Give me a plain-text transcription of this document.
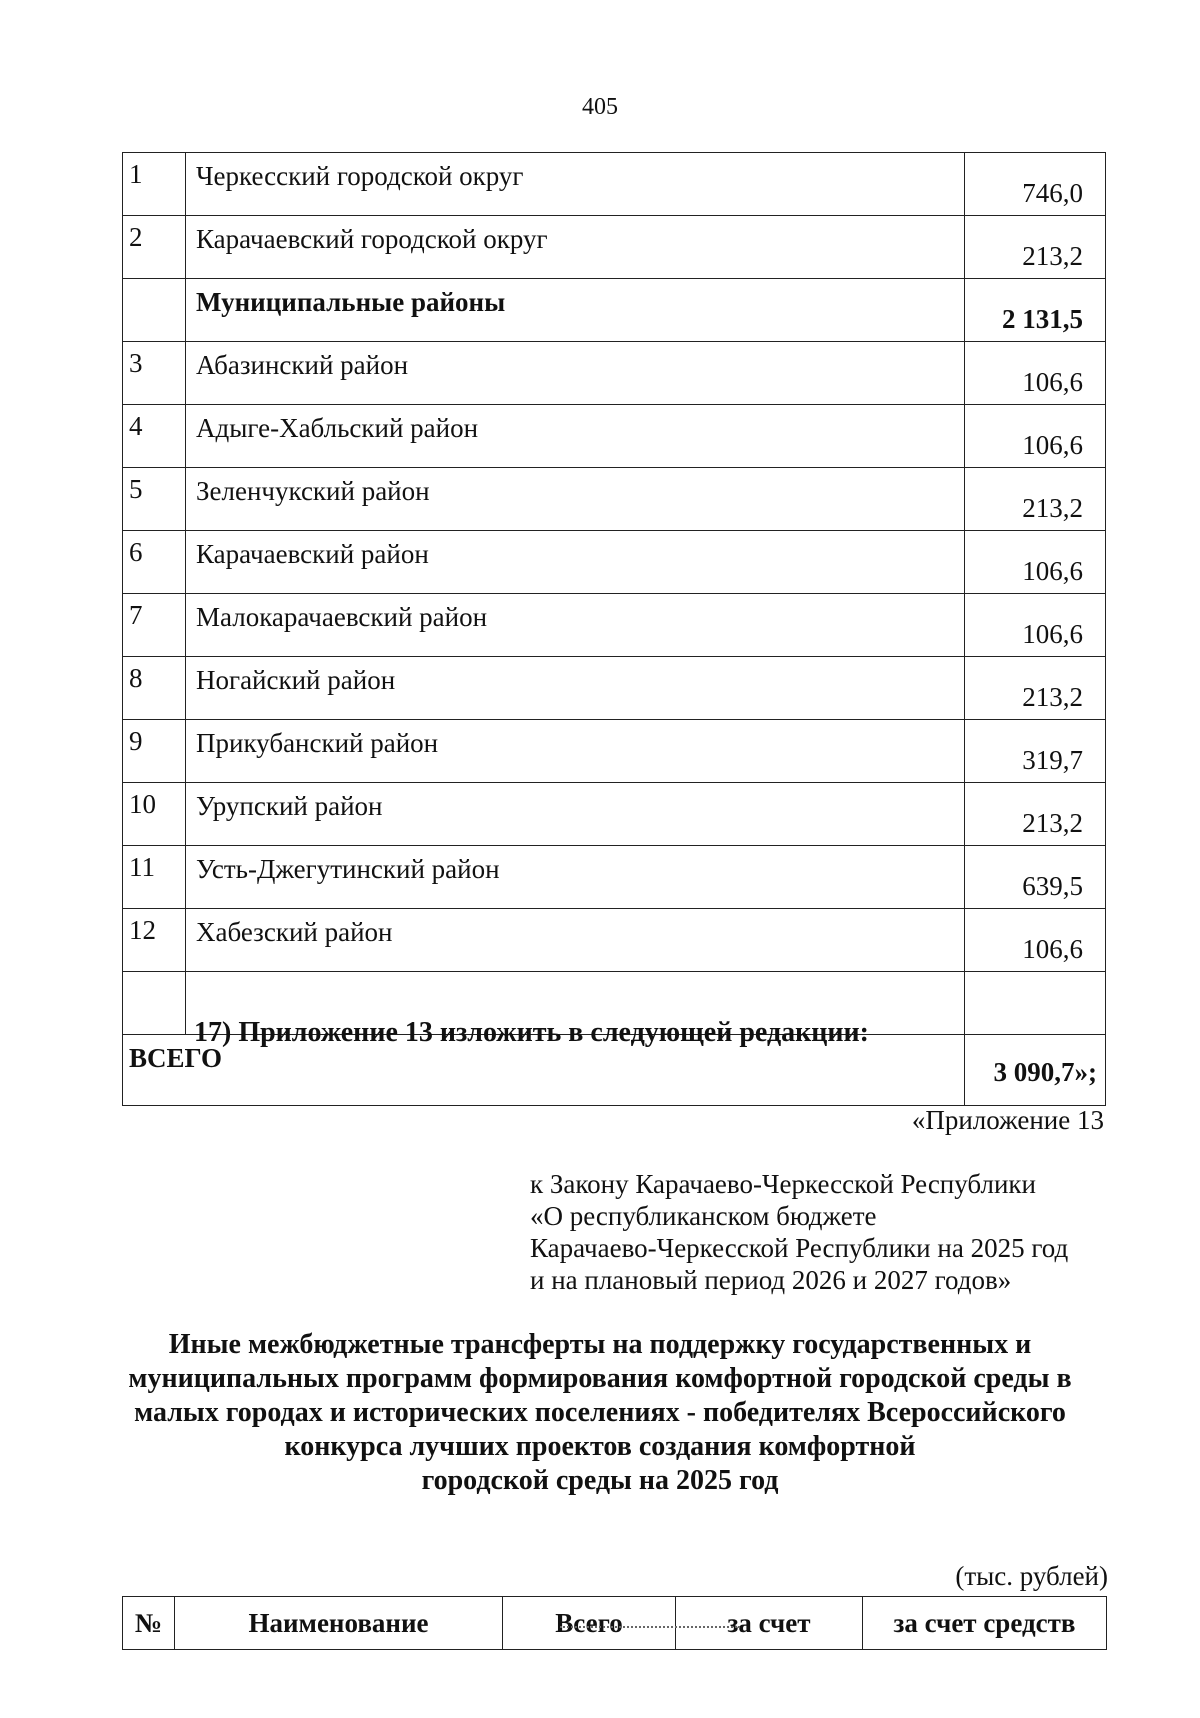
405
1	Черкесский городской округ	746,0
2	Карачаевский городской округ	213,2
	Муниципальные районы	2 131,5
3	Абазинский район	106,6
4	Адыге-Хабльский район	106,6
5	Зеленчукский район	213,2
6	Карачаевский район	106,6
7	Малокарачаевский район	106,6
8	Ногайский район	213,2
9	Прикубанский район	319,7
10	Урупский район	213,2
11	Усть-Джегутинский район	639,5
12	Хабезский район	106,6

ВСЕГО		3 090,7»;
17) Приложение 13 изложить в следующей редакции:
«Приложение 13
к Закону Карачаево-Черкесской Республики
«О республиканском бюджете
Карачаево-Черкесской Республики на 2025 год
и на плановый период 2026 и 2027 годов»
Иные межбюджетные трансферты на поддержку государственных и
муниципальных программ формирования комфортной городской среды в
малых городах и исторических поселениях - победителях Всероссийского
конкурса лучших проектов создания комфортной
городской среды на 2025 год
(тыс. рублей)
№	Наименование	Всего	за счет	за счет средств
